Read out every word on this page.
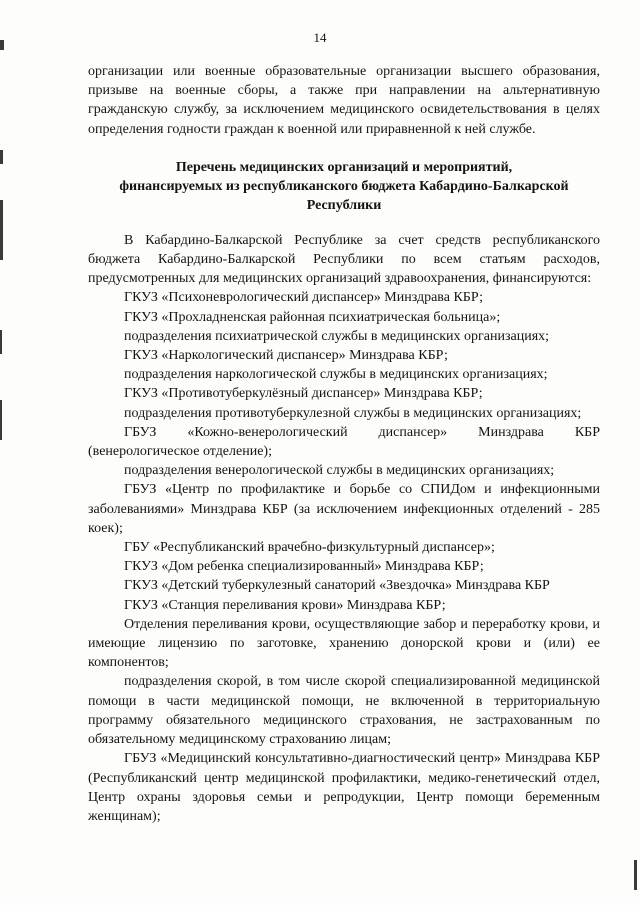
14

организации или военные образовательные организации высшего образования, призыве на военные сборы, а также при направлении на альтернативную гражданскую службу, за исключением медицинского освидетельствования в целях определения годности граждан к военной или приравненной к ней службе.

Перечень медицинских организаций и мероприятий,
финансируемых из республиканского бюджета Кабардино-Балкарской
Республики

В Кабардино-Балкарской Республике за счет средств республиканского бюджета Кабардино-Балкарской Республики по всем статьям расходов, предусмотренных для медицинских организаций здравоохранения, финансируются:

ГКУЗ «Психоневрологический диспансер» Минздрава КБР;

ГКУЗ «Прохладненская районная психиатрическая больница»;

подразделения психиатрической службы в медицинских организациях;

ГКУЗ «Наркологический диспансер» Минздрава КБР;

подразделения наркологической службы в медицинских организациях;

ГКУЗ «Противотуберкулёзный диспансер» Минздрава КБР;

подразделения противотуберкулезной службы в медицинских организациях;

ГБУЗ «Кожно-венерологический диспансер» Минздрава КБР (венерологическое отделение);

подразделения венерологической службы в медицинских организациях;

ГБУЗ «Центр по профилактике и борьбе со СПИДом и инфекционными заболеваниями» Минздрава КБР (за исключением инфекционных отделений - 285 коек);

ГБУ «Республиканский врачебно-физкультурный диспансер»;

ГКУЗ «Дом ребенка специализированный» Минздрава КБР;

ГКУЗ «Детский туберкулезный санаторий «Звездочка» Минздрава КБР

ГКУЗ «Станция переливания крови» Минздрава КБР;

Отделения переливания крови, осуществляющие забор и переработку крови, и имеющие лицензию по заготовке, хранению донорской крови и (или) ее компонентов;

подразделения скорой, в том числе скорой специализированной медицинской помощи в части медицинской помощи, не включенной в территориальную программу обязательного медицинского страхования, не застрахованным по обязательному медицинскому страхованию лицам;

ГБУЗ «Медицинский консультативно-диагностический центр» Минздрава КБР (Республиканский центр медицинской профилактики, медико-генетический отдел, Центр охраны здоровья семьи и репродукции, Центр помощи беременным женщинам);
